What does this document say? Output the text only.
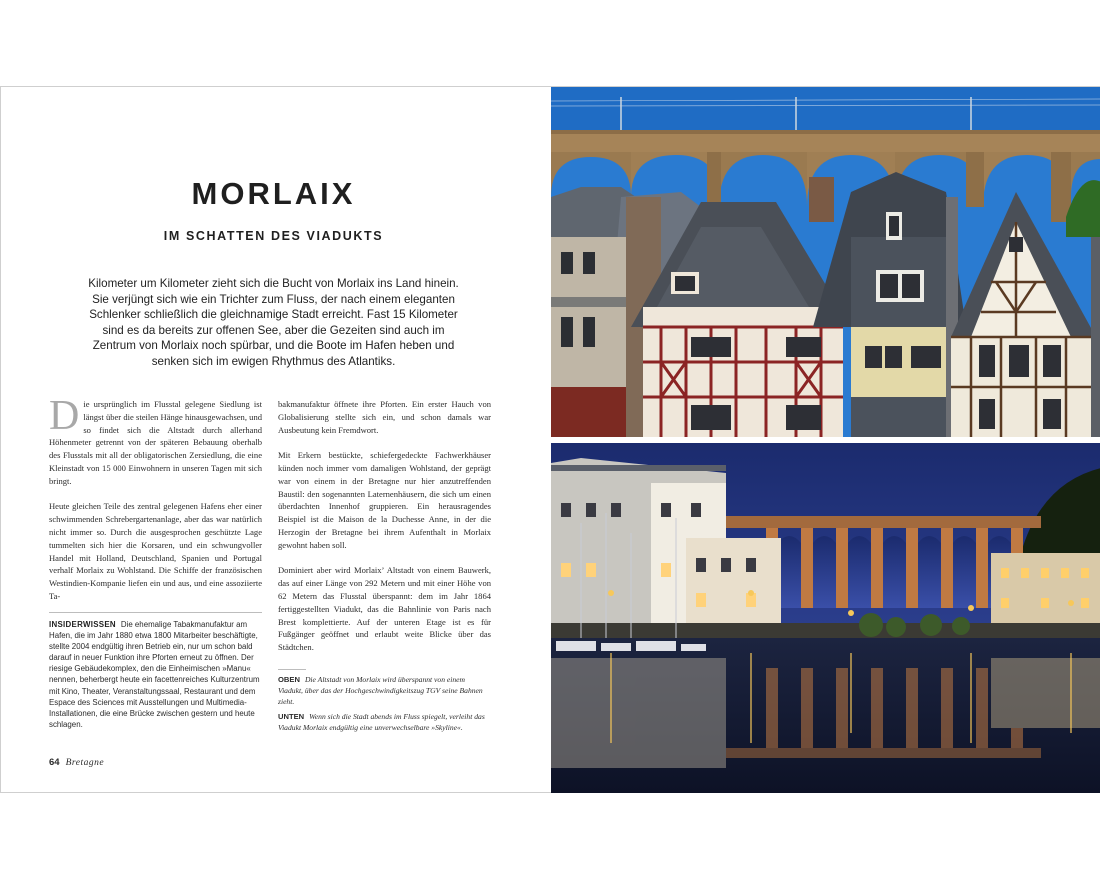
MORLAIX
IM SCHATTEN DES VIADUKTS

Kilometer um Kilometer zieht sich die Bucht von Morlaix ins Land hinein. Sie verjüngt sich wie ein Trichter zum Fluss, der nach einem eleganten Schlenker schließlich die gleichnamige Stadt erreicht. Fast 15 Kilometer sind es da bereits zur offenen See, aber die Gezeiten sind auch im Zentrum von Morlaix noch spürbar, und die Boote im Hafen heben und senken sich im ewigen Rhythmus des Atlantiks.

Die ursprünglich im Flusstal gelegene Siedlung ist längst über die steilen Hänge hinausgewachsen, und so findet sich die Altstadt durch allerhand Höhenmeter getrennt von der späteren Bebauung oberhalb des Flusstals mit all der obligatorischen Zersiedlung, die eine Kleinstadt von 15 000 Einwohnern in unseren Tagen mit sich bringt.

Heute gleichen Teile des zentral gelegenen Hafens eher einer schwimmenden Schrebergartenanlage, aber das war natürlich nicht immer so. Durch die ausgesprochen geschützte Lage tummelten sich hier die Korsaren, und ein schwungvoller Handel mit Holland, Deutschland, Spanien und Portugal verhalf Morlaix zu Wohlstand. Die Schiffe der französischen Westindien-Kompanie liefen ein und aus, und eine assoziierte Ta-

INSIDERWISSEN Die ehemalige Tabakmanufaktur am Hafen, die im Jahr 1880 etwa 1800 Mitarbeiter beschäftigte, stellte 2004 endgültig ihren Betrieb ein, nur um schon bald darauf in neuer Funktion ihre Pforten erneut zu öffnen. Der riesige Gebäudekomplex, den die Einheimischen »Manu« nennen, beherbergt heute ein facettenreiches Kulturzentrum mit Kino, Theater, Veranstaltungssaal, Restaurant und dem Espace des Sciences mit Ausstellungen und Multimedia-Installationen, die eine Brücke zwischen gestern und heute schlagen.

bakmanufaktur öffnete ihre Pforten. Ein erster Hauch von Globalisierung stellte sich ein, und schon damals war Ausbeutung kein Fremdwort.

Mit Erkern bestückte, schiefergedeckte Fachwerkhäuser künden noch immer vom damaligen Wohlstand, der geprägt war von einem in der Bretagne nur hier anzutreffenden Baustil: den sogenannten Laternenhäusern, die sich um einen überdachten Innenhof gruppieren. Ein herausragendes Beispiel ist die Maison de la Duchesse Anne, in der die Herzogin der Bretagne bei ihrem Aufenthalt in Morlaix gewohnt haben soll.

Dominiert aber wird Morlaix’ Altstadt von einem Bauwerk, das auf einer Länge von 292 Metern und mit einer Höhe von 62 Metern das Flusstal überspannt: dem im Jahr 1864 fertiggestellten Viadukt, das die Bahnlinie von Paris nach Brest komplettierte. Auf der unteren Etage ist es für Fußgänger geöffnet und erlaubt weite Blicke über das Städtchen.

OBEN Die Altstadt von Morlaix wird überspannt von einem Viadukt, über das der Hochgeschwindigkeitszug TGV seine Bahnen zieht.

UNTEN Wenn sich die Stadt abends im Fluss spiegelt, verleiht das Viadukt Morlaix endgültig eine unverwechselbare »Skyline«.

64 Bretagne
